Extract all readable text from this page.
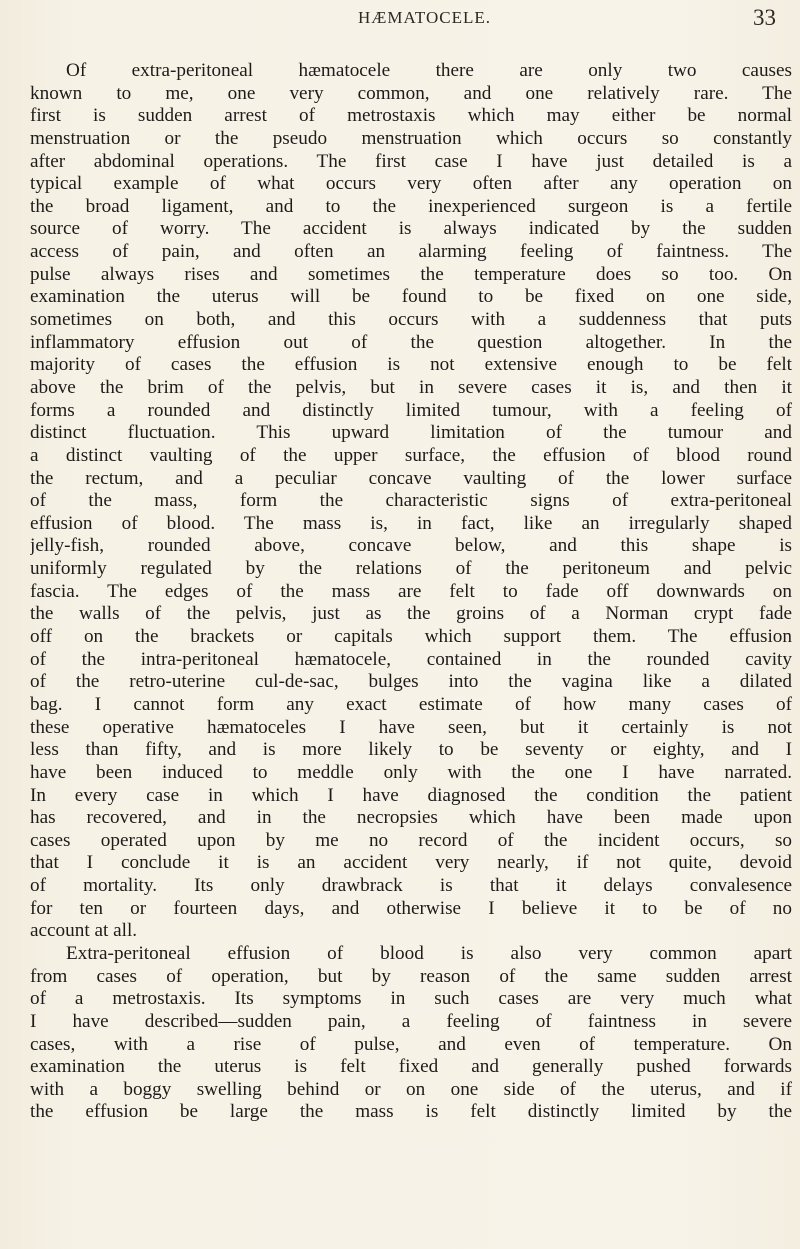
HÆMATOCELE.	33
Of extra-peritoneal hæmatocele there are only two causes
known to me, one very common, and one relatively rare. The
first is sudden arrest of metrostaxis which may either be normal
menstruation or the pseudo menstruation which occurs so constantly
after abdominal operations. The first case I have just detailed is a
typical example of what occurs very often after any operation on
the broad ligament, and to the inexperienced surgeon is a fertile
source of worry. The accident is always indicated by the sudden
access of pain, and often an alarming feeling of faintness. The
pulse always rises and sometimes the temperature does so too. On
examination the uterus will be found to be fixed on one side,
sometimes on both, and this occurs with a suddenness that puts
inflammatory effusion out of the question altogether. In the
majority of cases the effusion is not extensive enough to be felt
above the brim of the pelvis, but in severe cases it is, and then it
forms a rounded and distinctly limited tumour, with a feeling of
distinct fluctuation. This upward limitation of the tumour and
a distinct vaulting of the upper surface, the effusion of blood round
the rectum, and a peculiar concave vaulting of the lower surface
of the mass, form the characteristic signs of extra-peritoneal
effusion of blood. The mass is, in fact, like an irregularly shaped
jelly-fish, rounded above, concave below, and this shape is
uniformly regulated by the relations of the peritoneum and pelvic
fascia. The edges of the mass are felt to fade off downwards on
the walls of the pelvis, just as the groins of a Norman crypt fade
off on the brackets or capitals which support them. The effusion
of the intra-peritoneal hæmatocele, contained in the rounded cavity
of the retro-uterine cul-de-sac, bulges into the vagina like a dilated
bag. I cannot form any exact estimate of how many cases of
these operative hæmatoceles I have seen, but it certainly is not
less than fifty, and is more likely to be seventy or eighty, and I
have been induced to meddle only with the one I have narrated.
In every case in which I have diagnosed the condition the patient
has recovered, and in the necropsies which have been made upon
cases operated upon by me no record of the incident occurs, so
that I conclude it is an accident very nearly, if not quite, devoid
of mortality. Its only drawbrack is that it delays convalesence
for ten or fourteen days, and otherwise I believe it to be of no
account at all.
Extra-peritoneal effusion of blood is also very common apart
from cases of operation, but by reason of the same sudden arrest
of a metrostaxis. Its symptoms in such cases are very much what
I have described—sudden pain, a feeling of faintness in severe
cases, with a rise of pulse, and even of temperature. On
examination the uterus is felt fixed and generally pushed forwards
with a boggy swelling behind or on one side of the uterus, and if
the effusion be large the mass is felt distinctly limited by the
